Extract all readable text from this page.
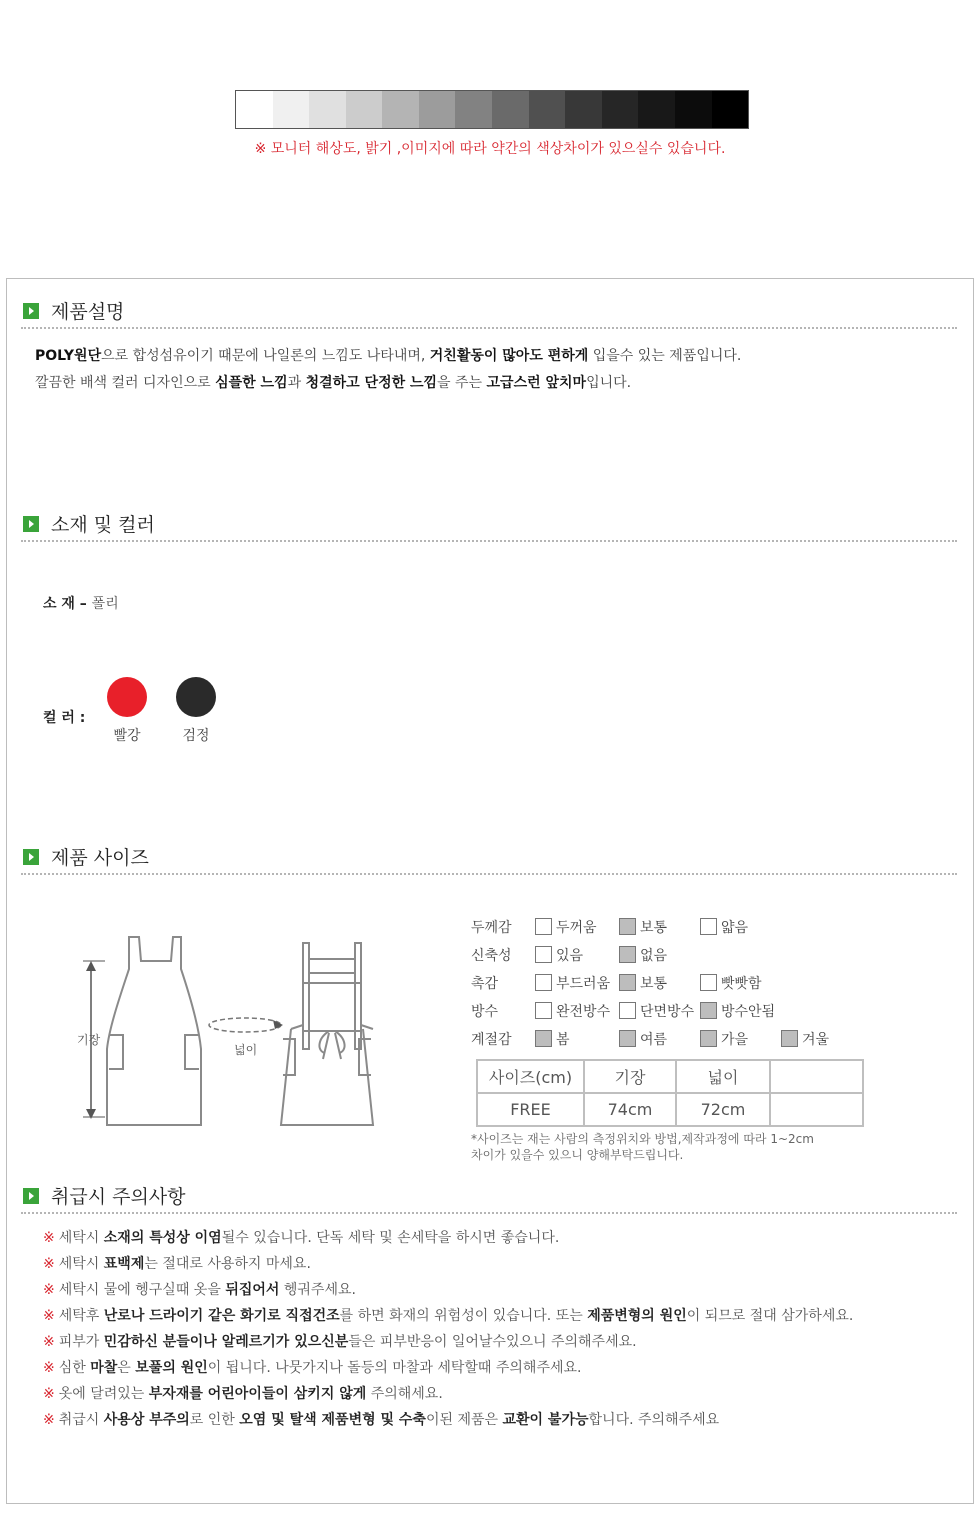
※ 모니터 해상도, 밝기 ,이미지에 따라 약간의 색상차이가 있으실수 있습니다.
제품설명
POLY원단으로 합성섬유이기 때문에 나일론의 느낌도 나타내며, 거친활동이 많아도 편하게 입을수 있는 제품입니다.
깔끔한 배색 컬러 디자인으로 심플한 느낌과 청결하고 단정한 느낌을 주는 고급스런 앞치마입니다.
소재 및 컬러
소 재 – 폴리
컬 러 :
빨강	검정
제품 사이즈
기장
넓이
두께감	두꺼움	보통	얇음
신축성	있음	없음
촉감	부드러움 보통	빳빳함
방수	완전방수 단면방수 방수안됨
계절감	봄	여름	가을	겨울
사이즈(cm)	기장	넓이	
FREE	74cm	72cm	
*사이즈는 재는 사람의 측정위치와 방법,제작과정에 따라 1~2cm
차이가 있을수 있으니 양해부탁드립니다.
취급시 주의사항
※ 세탁시 소재의 특성상 이염될수 있습니다. 단독 세탁 및 손세탁을 하시면 좋습니다.
※ 세탁시 표백제는 절대로 사용하지 마세요.
※ 세탁시 물에 헹구실때 옷을 뒤집어서 헹궈주세요.
※ 세탁후 난로나 드라이기 같은 화기로 직접건조를 하면 화재의 위험성이 있습니다. 또는 제품변형의 원인이 되므로 절대 삼가하세요.
※ 피부가 민감하신 분들이나 알레르기가 있으신분들은 피부반응이 일어날수있으니 주의해주세요.
※ 심한 마찰은 보풀의 원인이 됩니다. 나뭇가지나 돌등의 마찰과 세탁할때 주의해주세요.
※ 옷에 달려있는 부자재를 어린아이들이 삼키지 않게 주의해세요.
※ 취급시 사용상 부주의로 인한 오염 및 탈색 제품변형 및 수축이된 제품은 교환이 불가능합니다. 주의해주세요
